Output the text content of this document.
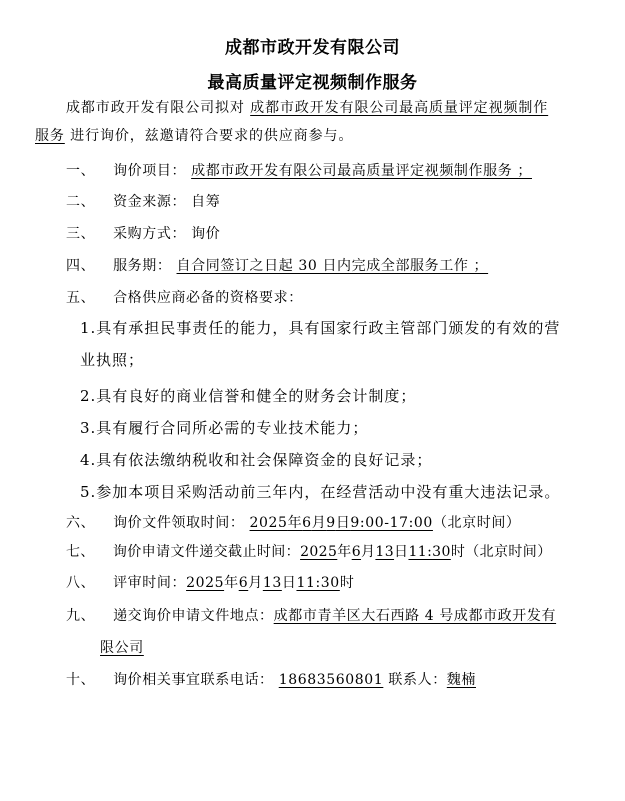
成都市政开发有限公司
最高质量评定视频制作服务
成都市政开发有限公司拟对 成都市政开发有限公司最高质量评定视频制作
服务 进行询价，兹邀请符合要求的供应商参与。
一、 询价项目： 成都市政开发有限公司最高质量评定视频制作服务 ；
二、 资金来源： 自筹
三、 采购方式： 询价
四、 服务期： 自合同签订之日起 30 日内完成全部服务工作 ；
五、 合格供应商必备的资格要求：
1.具有承担民事责任的能力，具有国家行政主管部门颁发的有效的营
业执照；
2.具有良好的商业信誉和健全的财务会计制度；
3.具有履行合同所必需的专业技术能力；
4.具有依法缴纳税收和社会保障资金的良好记录；
5.参加本项目采购活动前三年内，在经营活动中没有重大违法记录。
六、 询价文件领取时间： 2025年6月9日9:00-17:00（北京时间）
七、 询价申请文件递交截止时间：2025年6月13日11:30时（北京时间）
八、 评审时间：2025年6月13日11:30时
九、 递交询价申请文件地点：成都市青羊区大石西路 4 号成都市政开发有
限公司
十、 询价相关事宜联系电话： 18683560801 联系人：魏楠
